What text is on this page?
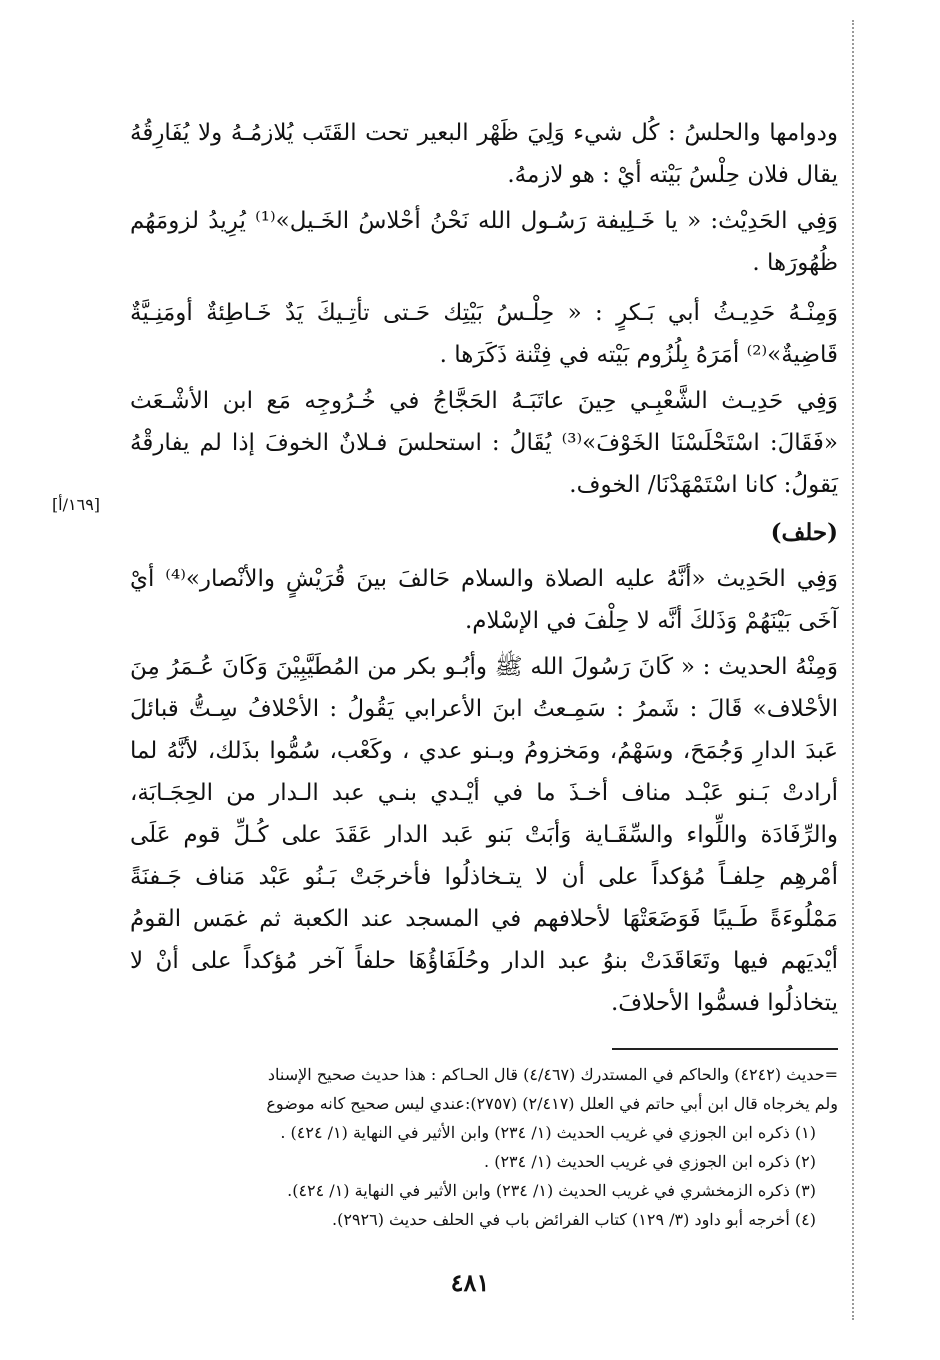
ودوامها والحلسُ : كُل شيء وَلِيَ ظَهْر البعير تحت القَتَب يُلازمُـهُ ولا يُفَارِقُهُ يقال فلان حِلْسُ بَيْته أيْ : هو لازمهُ.

وَفِي الحَدِيْث: « يا خَـلِيفة رَسُـول الله نَحْنُ أحْلاسُ الخَـيل»⁽¹⁾ يُرِيدُ لزومَهُم ظُهُورَها .

وَمِنْـهُ حَدِيـثُ أبي بَـكرٍ : « حِلْـسُ بَيْتِك حَـتى تأتِـيكَ يَدٌ خَـاطِئةٌ أومَنِـيَّةٌ قَاضِيةٌ»⁽²⁾ أمَرَهُ بِلُزُوم بَيْته في فِتْنة ذَكَرَها .

وَفِي حَدِيـث الشَّعْبِـي حِينَ عاتَبَـهُ الحَجَّاجُ في خُـرُوجِه مَع ابن الأشْـعَث «فَقَالَ: اسْتَحْلَسْنَا الخَوْفَ»⁽³⁾ يُقَالُ : استحلسَ فـلانٌ الخوفَ إذا لم يفارقْهُ يَقولُ: كانا اسْتَمْهَدْنَا/ الخوف.

(حلف)

وَفِي الحَدِيث «أنَّهُ عليه الصلاة والسلام حَالفَ بينَ قُرَيْشٍ والأنْصار»⁽⁴⁾ أيْ آخَى بَيْنَهُمْ وَذَلكَ أنَّه لا حِلْفَ في الإسْلام.

وَمِنْهُ الحديث : « كَانَ رَسُولَ الله ﷺ وأبُـو بكر من المُطَيَّبِيْنَ وَكَانَ عُـمَرُ مِنَ الأحْلاف» قَالَ : شَمرُ : سَمِـعتُ ابنَ الأعرابي يَقُولُ : الأحْلافُ سِـتُّ قبائلَ عَبدَ الدارِ وَجُمَحَ، وسَهْمُ، ومَخزومُ وبـنو عدي ، وكَعْب، سُمُّوا بذَلك، لأنَّهُ لما أرادتْ بَـنو عَبْـد مناف أخـذَ ما في أيْـدي بنـي عبد الـدار من الحِجَـابَة، والرِّفَادَة واللِّواء والسِّقَـاية وَأبَتْ بَنو عَبد الدار عَقَدَ على كُـلِّ قوم عَلَى أمْرهِم حِلفـاً مُؤكداً على أن لا يتـخاذلُوا فأخرجَتْ بَـنُو عَبْد مَناف جَـفنَةً مَمْلُوءَةً طَـيبًا فَوَضَعَتْهَا لأحلافهم في المسجد عند الكعبة ثم غمَس القومُ أيْديَهم فيها وتَعَاقَدَتْ بنوُ عبد الدار وحُلَفَاؤُهَا حلفاً آخر مُؤكداً على أنْ لا يتخاذلُوا فسمُّوا الأحلافَ.

[١٦٩/أ]
=حديث (٤٢٤٢) والحاكم في المستدرك (٤/٤٦٧) قال الحـاكم : هذا حديث صحيح الإسناد
ولم يخرجاه قال ابن أبي حاتم في العلل (٢/٤١٧) (٢٧٥٧):عندي ليس صحيح كانه موضوع
(١) ذكره ابن الجوزي في غريب الحديث (١/ ٢٣٤) وابن الأثير في النهاية (١/ ٤٢٤) .
(٢) ذكره ابن الجوزي في غريب الحديث (١/ ٢٣٤) .
(٣) ذكره الزمخشري في غريب الحديث (١/ ٢٣٤) وابن الأثير في النهاية (١/ ٤٢٤).
(٤) أخرجه أبو داود (٣/ ١٢٩) كتاب الفرائض باب في الحلف حديث (٢٩٢٦).
٤٨١
